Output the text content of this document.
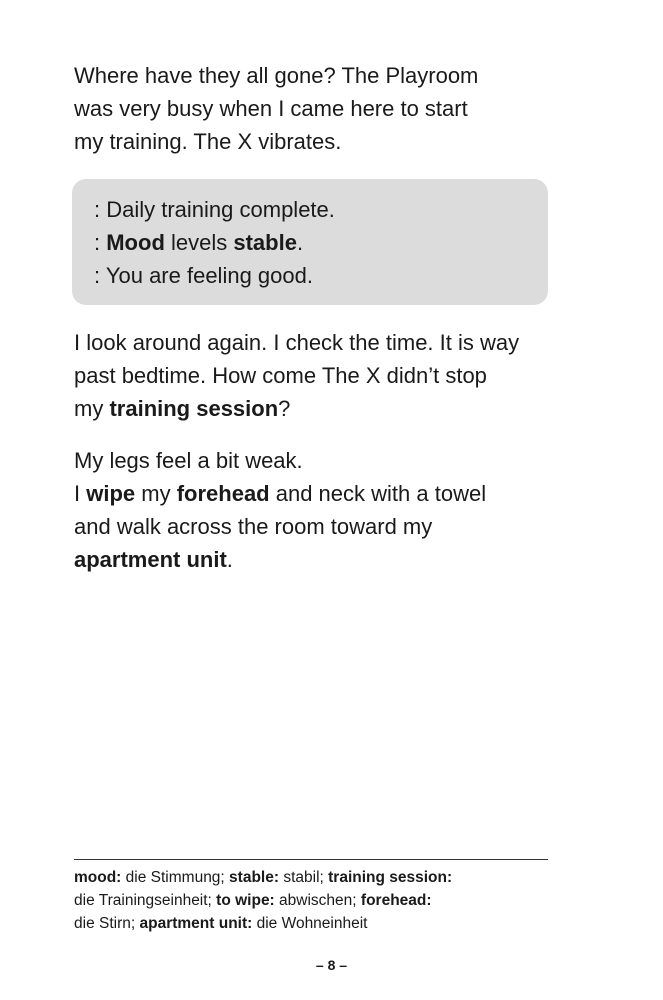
Where have they all gone? The Playroom
was very busy when I came here to start
my training. The X vibrates.

: Daily training complete.
: Mood levels stable.
: You are feeling good.

I look around again. I check the time. It is way
past bedtime. How come The X didn’t stop
my training session?

My legs feel a bit weak.
I wipe my forehead and neck with a towel
and walk across the room toward my
apartment unit.

mood: die Stimmung; stable: stabil; training session:
die Trainingseinheit; to wipe: abwischen; forehead:
die Stirn; apartment unit: die Wohneinheit
– 8 –
